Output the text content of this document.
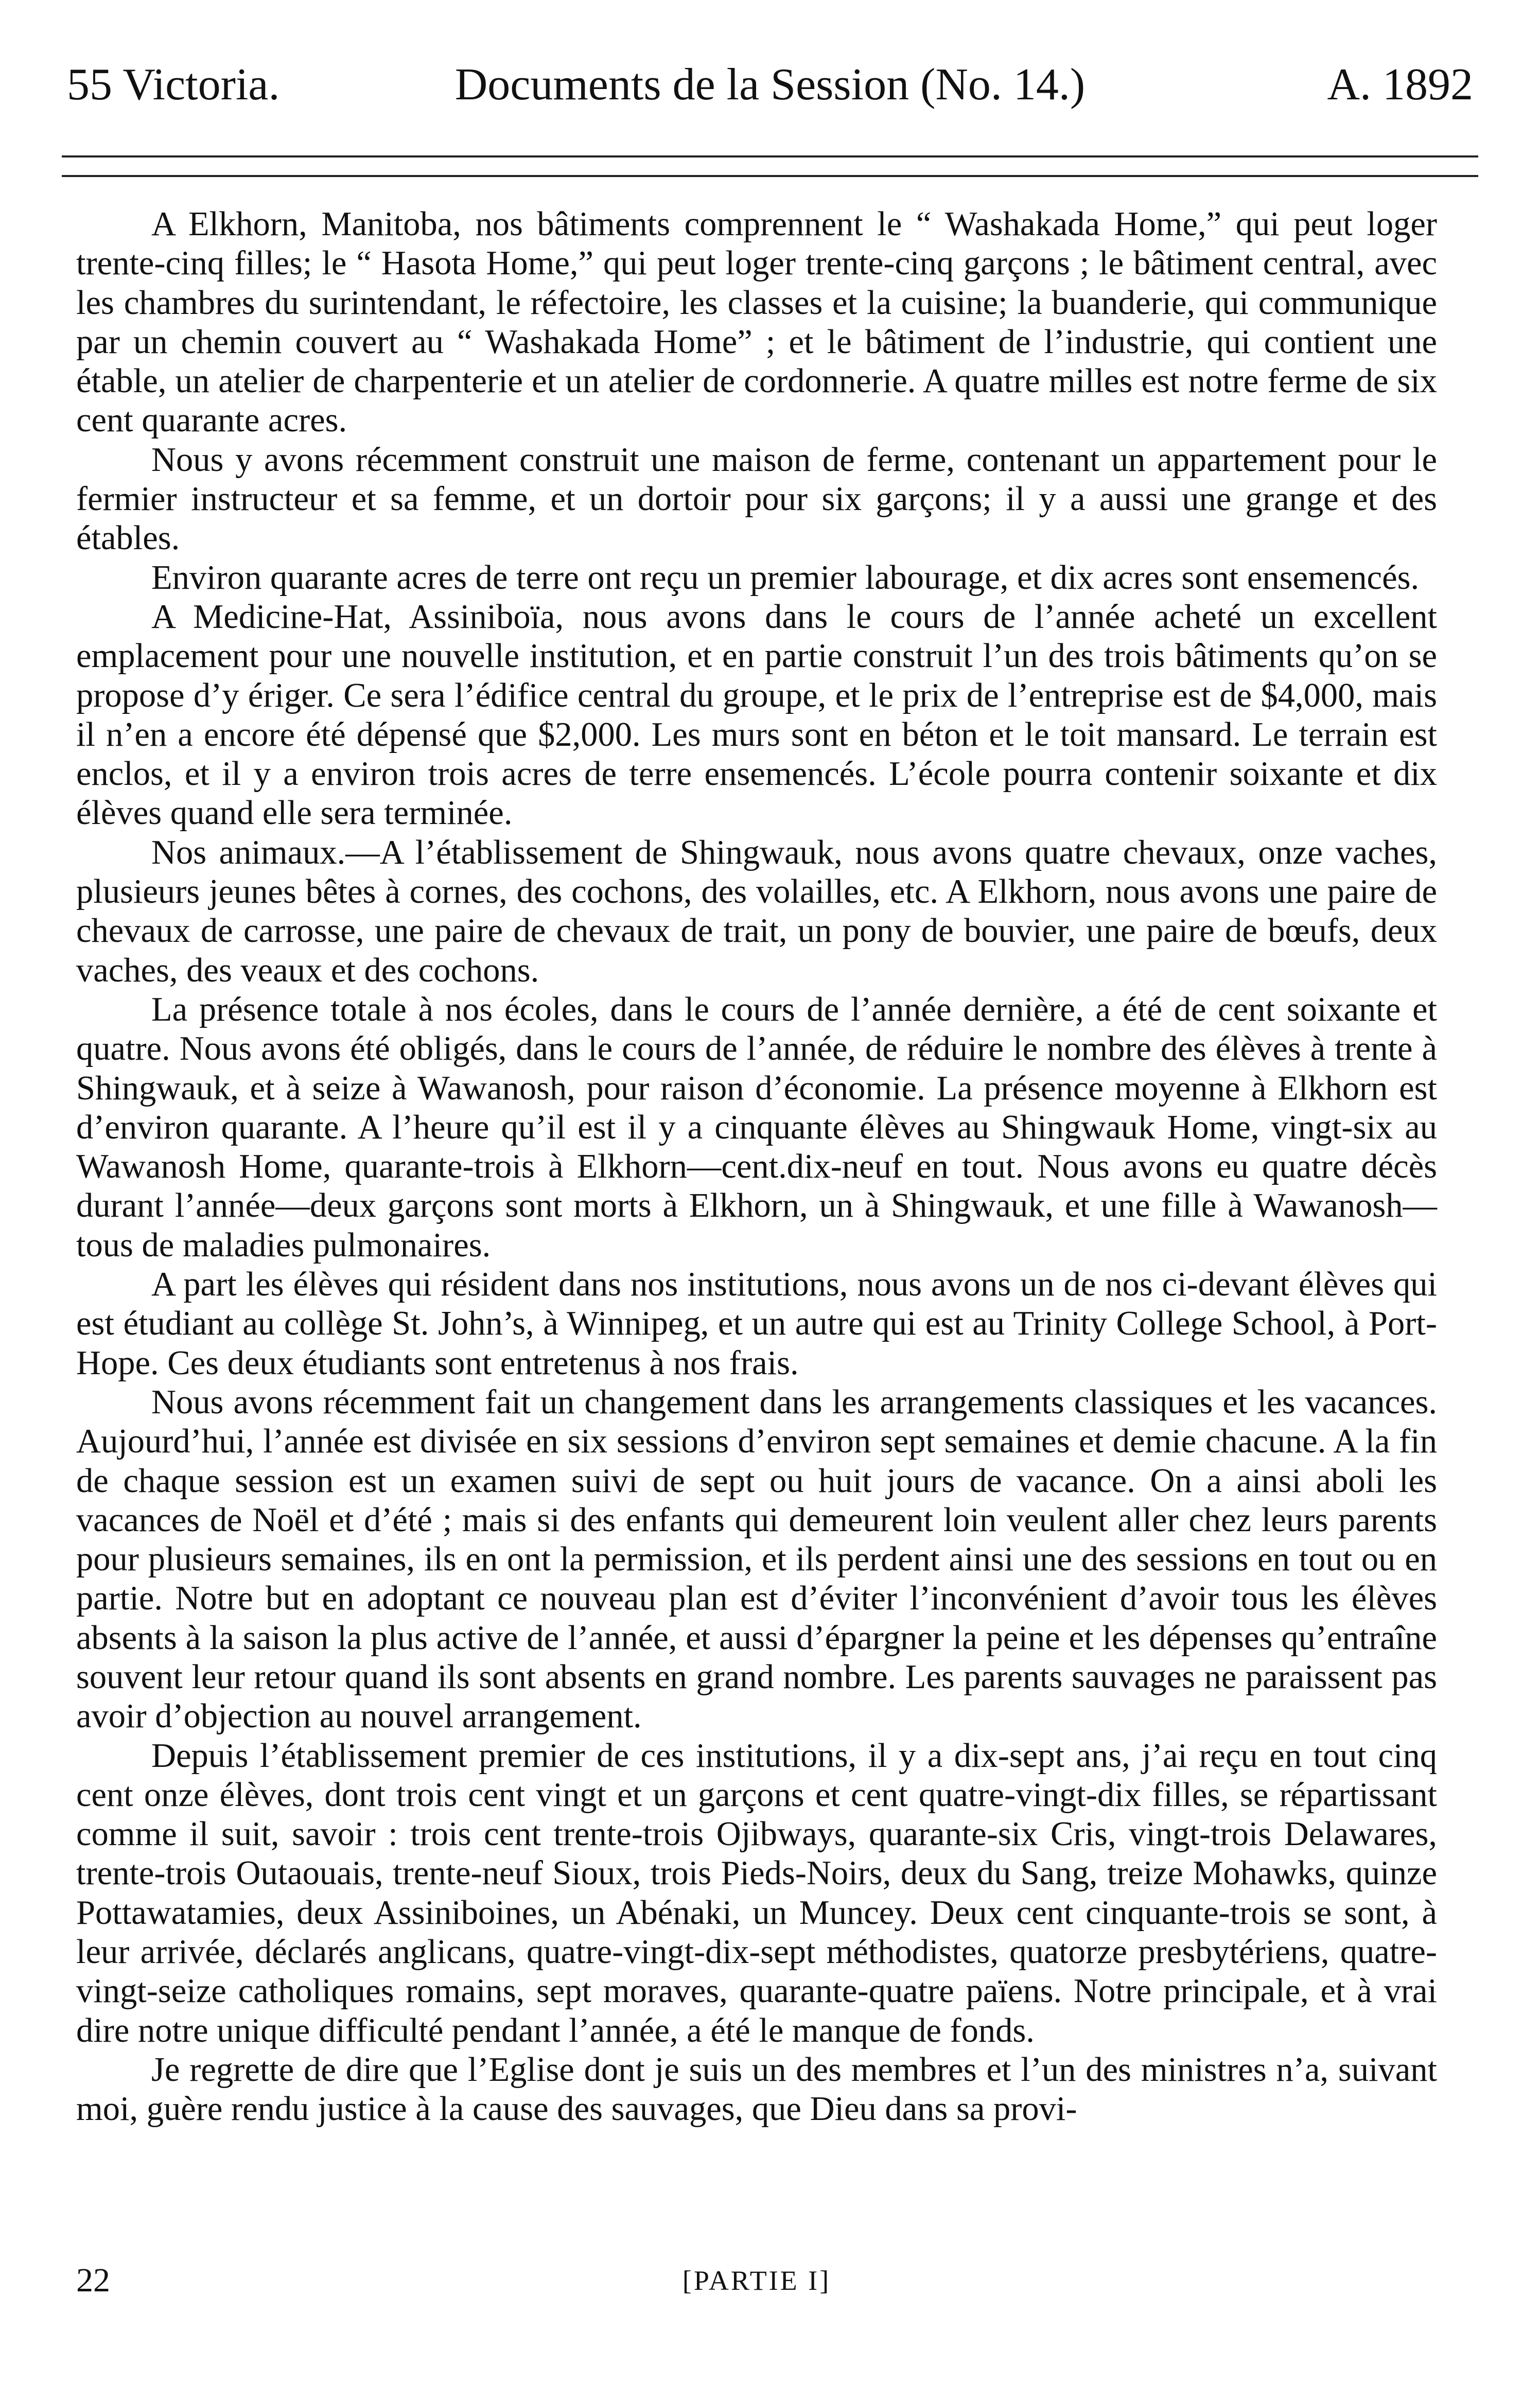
55 Victoria.	Documents de la Session (No. 14.)	A. 1892

A Elkhorn, Manitoba, nos bâtiments comprennent le “ Washakada Home,” qui peut loger trente-cinq filles; le “ Hasota Home,” qui peut loger trente-cinq garçons ; le bâtiment central, avec les chambres du surintendant, le réfectoire, les classes et la cuisine; la buanderie, qui communique par un chemin couvert au “ Washakada Home” ; et le bâtiment de l’industrie, qui contient une étable, un atelier de charpenterie et un atelier de cordonnerie. A quatre milles est notre ferme de six cent quarante acres.

Nous y avons récemment construit une maison de ferme, contenant un appartement pour le fermier instructeur et sa femme, et un dortoir pour six garçons; il y a aussi une grange et des étables.

Environ quarante acres de terre ont reçu un premier labourage, et dix acres sont ensemencés.

A Medicine-Hat, Assiniboïa, nous avons dans le cours de l’année acheté un excellent emplacement pour une nouvelle institution, et en partie construit l’un des trois bâtiments qu’on se propose d’y ériger. Ce sera l’édifice central du groupe, et le prix de l’entreprise est de $4,000, mais il n’en a encore été dépensé que $2,000. Les murs sont en béton et le toit mansard. Le terrain est enclos, et il y a environ trois acres de terre ensemencés. L’école pourra contenir soixante et dix élèves quand elle sera terminée.

Nos animaux.—A l’établissement de Shingwauk, nous avons quatre chevaux, onze vaches, plusieurs jeunes bêtes à cornes, des cochons, des volailles, etc. A Elkhorn, nous avons une paire de chevaux de carrosse, une paire de chevaux de trait, un pony de bouvier, une paire de bœufs, deux vaches, des veaux et des cochons.

La présence totale à nos écoles, dans le cours de l’année dernière, a été de cent soixante et quatre. Nous avons été obligés, dans le cours de l’année, de réduire le nombre des élèves à trente à Shingwauk, et à seize à Wawanosh, pour raison d’économie. La présence moyenne à Elkhorn est d’environ quarante. A l’heure qu’il est il y a cinquante élèves au Shingwauk Home, vingt-six au Wawanosh Home, quarante-trois à Elkhorn—cent.dix-neuf en tout. Nous avons eu quatre décès durant l’année—deux garçons sont morts à Elkhorn, un à Shingwauk, et une fille à Wawanosh—tous de maladies pulmonaires.

A part les élèves qui résident dans nos institutions, nous avons un de nos ci-devant élèves qui est étudiant au collège St. John’s, à Winnipeg, et un autre qui est au Trinity College School, à Port-Hope. Ces deux étudiants sont entretenus à nos frais.

Nous avons récemment fait un changement dans les arrangements classiques et les vacances. Aujourd’hui, l’année est divisée en six sessions d’environ sept semaines et demie chacune. A la fin de chaque session est un examen suivi de sept ou huit jours de vacance. On a ainsi aboli les vacances de Noël et d’été ; mais si des enfants qui demeurent loin veulent aller chez leurs parents pour plusieurs semaines, ils en ont la permission, et ils perdent ainsi une des sessions en tout ou en partie. Notre but en adoptant ce nouveau plan est d’éviter l’inconvénient d’avoir tous les élèves absents à la saison la plus active de l’année, et aussi d’épargner la peine et les dépenses qu’entraîne souvent leur retour quand ils sont absents en grand nombre. Les parents sauvages ne paraissent pas avoir d’objection au nouvel arrangement.

Depuis l’établissement premier de ces institutions, il y a dix-sept ans, j’ai reçu en tout cinq cent onze élèves, dont trois cent vingt et un garçons et cent quatre-vingt-dix filles, se répartissant comme il suit, savoir : trois cent trente-trois Ojibways, quarante-six Cris, vingt-trois Delawares, trente-trois Outaouais, trente-neuf Sioux, trois Pieds-Noirs, deux du Sang, treize Mohawks, quinze Pottawatamies, deux Assiniboines, un Abénaki, un Muncey. Deux cent cinquante-trois se sont, à leur arrivée, déclarés anglicans, quatre-vingt-dix-sept méthodistes, quatorze presbytériens, quatre-vingt-seize catholiques romains, sept moraves, quarante-quatre païens. Notre principale, et à vrai dire notre unique difficulté pendant l’année, a été le manque de fonds.

Je regrette de dire que l’Eglise dont je suis un des membres et l’un des ministres n’a, suivant moi, guère rendu justice à la cause des sauvages, que Dieu dans sa provi-

22	[PARTIE I]
